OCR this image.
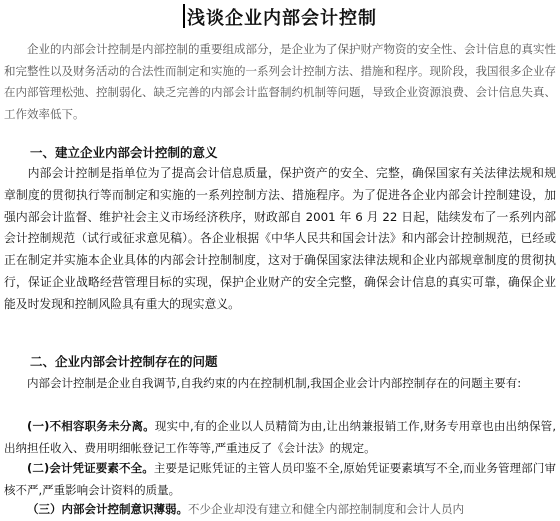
浅谈企业内部会计控制

企业的内部会计控制是内部控制的重要组成部分，是企业为了保护财产物资的安全性、会计信息的真实性和完整性以及财务活动的合法性而制定和实施的一系列会计控制方法、措施和程序。现阶段，我国很多企业存在内部管理松弛、控制弱化、缺乏完善的内部会计监督制约机制等问题，导致企业资源浪费、会计信息失真、工作效率低下。

一、建立企业内部会计控制的意义

内部会计控制是指单位为了提高会计信息质量，保护资产的安全、完整，确保国家有关法律法规和规章制度的贯彻执行等而制定和实施的一系列控制方法、措施程序。为了促进各企业内部会计控制建设，加强内部会计监督、维护社会主义市场经济秩序，财政部自 2001 年 6 月 22 日起，陆续发布了一系列内部会计控制规范（试行或征求意见稿）。各企业根据《中华人民共和国会计法》和内部会计控制规范，已经或正在制定并实施本企业具体的内部会计控制制度，这对于确保国家法律法规和企业内部规章制度的贯彻执行，保证企业战略经营管理目标的实现，保护企业财产的安全完整，确保会计信息的真实可靠，确保企业能及时发现和控制风险具有重大的现实意义。

二、企业内部会计控制存在的问题

内部会计控制是企业自我调节,自我约束的内在控制机制,我国企业会计内部控制存在的问题主要有:

(一)不相容职务未分离。现实中,有的企业以人员精简为由,让出纳兼报销工作,财务专用章也由出纳保管,出纳担任收入、费用明细帐登记工作等等,严重违反了《会计法》的规定。

(二)会计凭证要素不全。主要是记账凭证的主管人员印鉴不全,原始凭证要素填写不全,而业务管理部门审核不严,严重影响会计资料的质量。

（三）内部会计控制意识薄弱。不少企业却没有建立和健全内部控制制度和会计人员内
